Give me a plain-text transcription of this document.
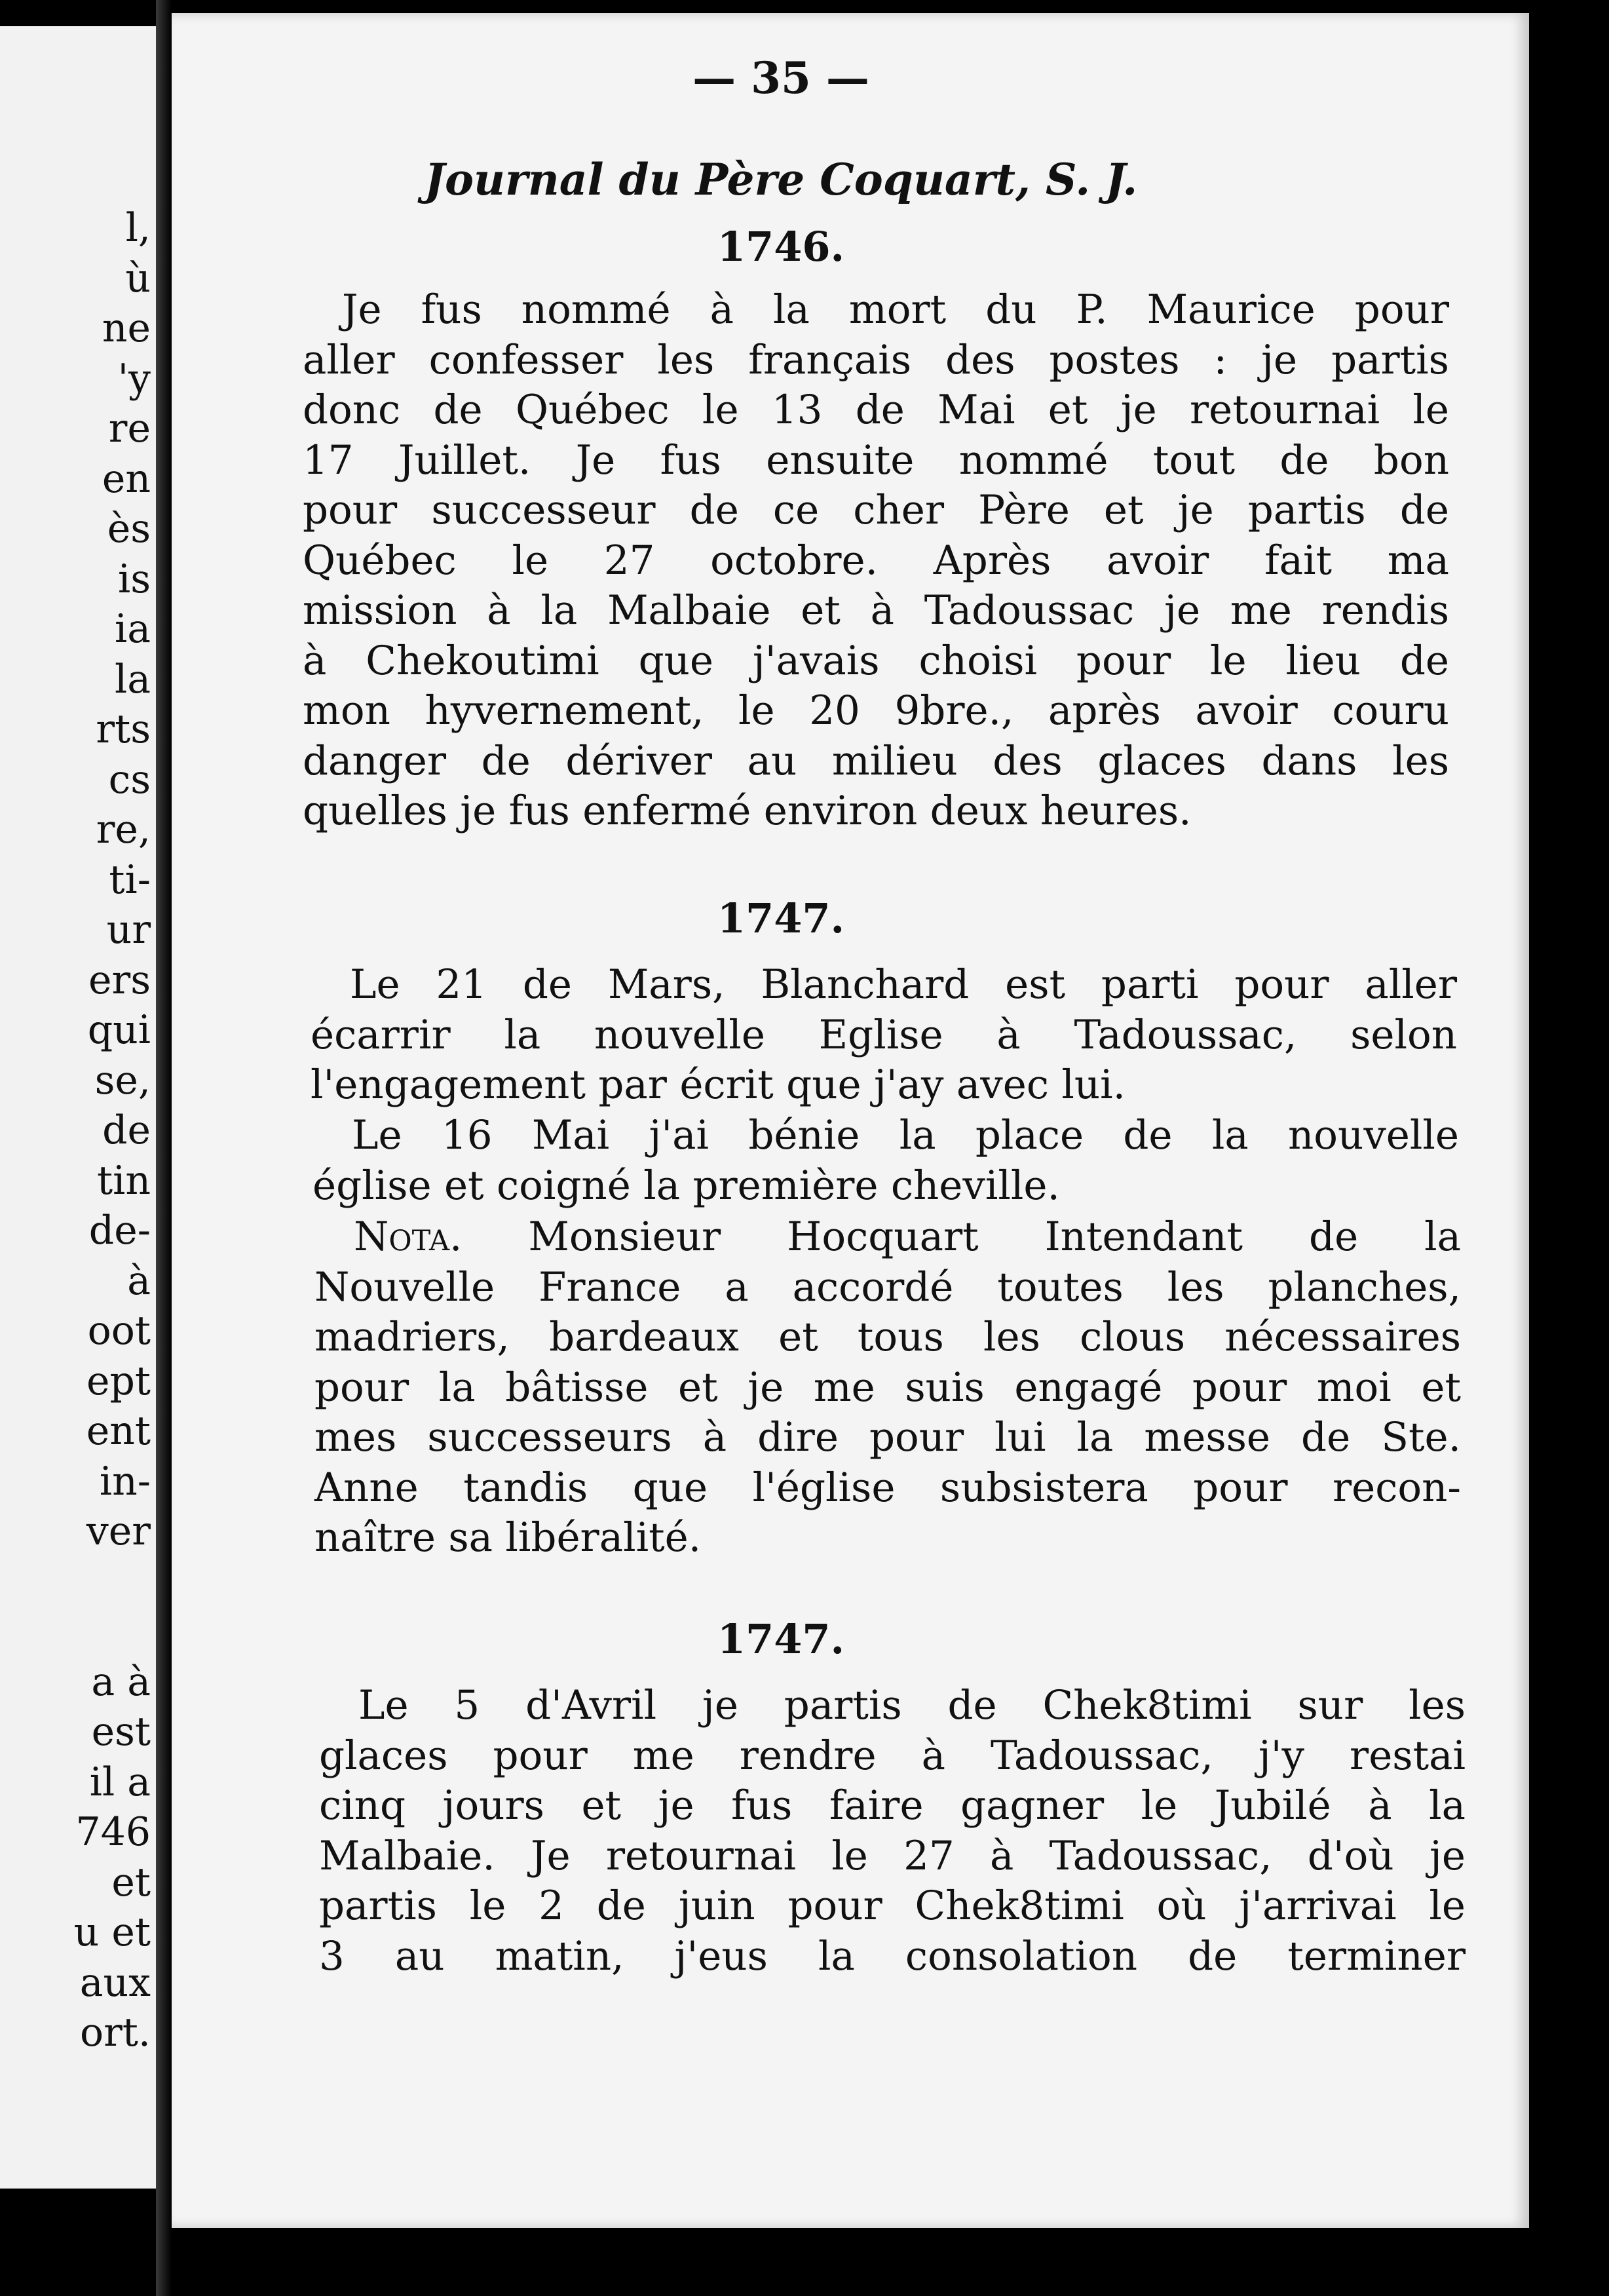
l,
ù
ne
'y
re
en
ès
is
ia
la
rts
cs
re,
ti-
ur
ers
qui
se,
de
tin
de-
à
oot
ept
ent
in-
ver

a à
est
il a
746
et
u et
aux
ort.
— 35 —
Journal du Père Coquart, S. J.
1746.
Je fus nommé à la mort du P. Maurice pour
aller confesser les français des postes : je partis
donc de Québec le 13 de Mai et je retournai le
17 Juillet. Je fus ensuite nommé tout de bon
pour successeur de ce cher Père et je partis de
Québec le 27 octobre. Après avoir fait ma
mission à la Malbaie et à Tadoussac je me rendis
à Chekoutimi que j'avais choisi pour le lieu de
mon hyvernement, le 20 9bre., après avoir couru
danger de dériver au milieu des glaces dans les
quelles je fus enfermé environ deux heures.
1747.
Le 21 de Mars, Blanchard est parti pour aller
écarrir la nouvelle Eglise à Tadoussac, selon
l'engagement par écrit que j'ay avec lui.
Le 16 Mai j'ai bénie la place de la nouvelle
église et coigné la première cheville.
Nota. Monsieur Hocquart Intendant de la
Nouvelle France a accordé toutes les planches,
madriers, bardeaux et tous les clous nécessaires
pour la bâtisse et je me suis engagé pour moi et
mes successeurs à dire pour lui la messe de Ste.
Anne tandis que l'église subsistera pour recon-
naître sa libéralité.
1747.
Le 5 d'Avril je partis de Chek8timi sur les
glaces pour me rendre à Tadoussac, j'y restai
cinq jours et je fus faire gagner le Jubilé à la
Malbaie. Je retournai le 27 à Tadoussac, d'où je
partis le 2 de juin pour Chek8timi où j'arrivai le
3 au matin, j'eus la consolation de terminer
